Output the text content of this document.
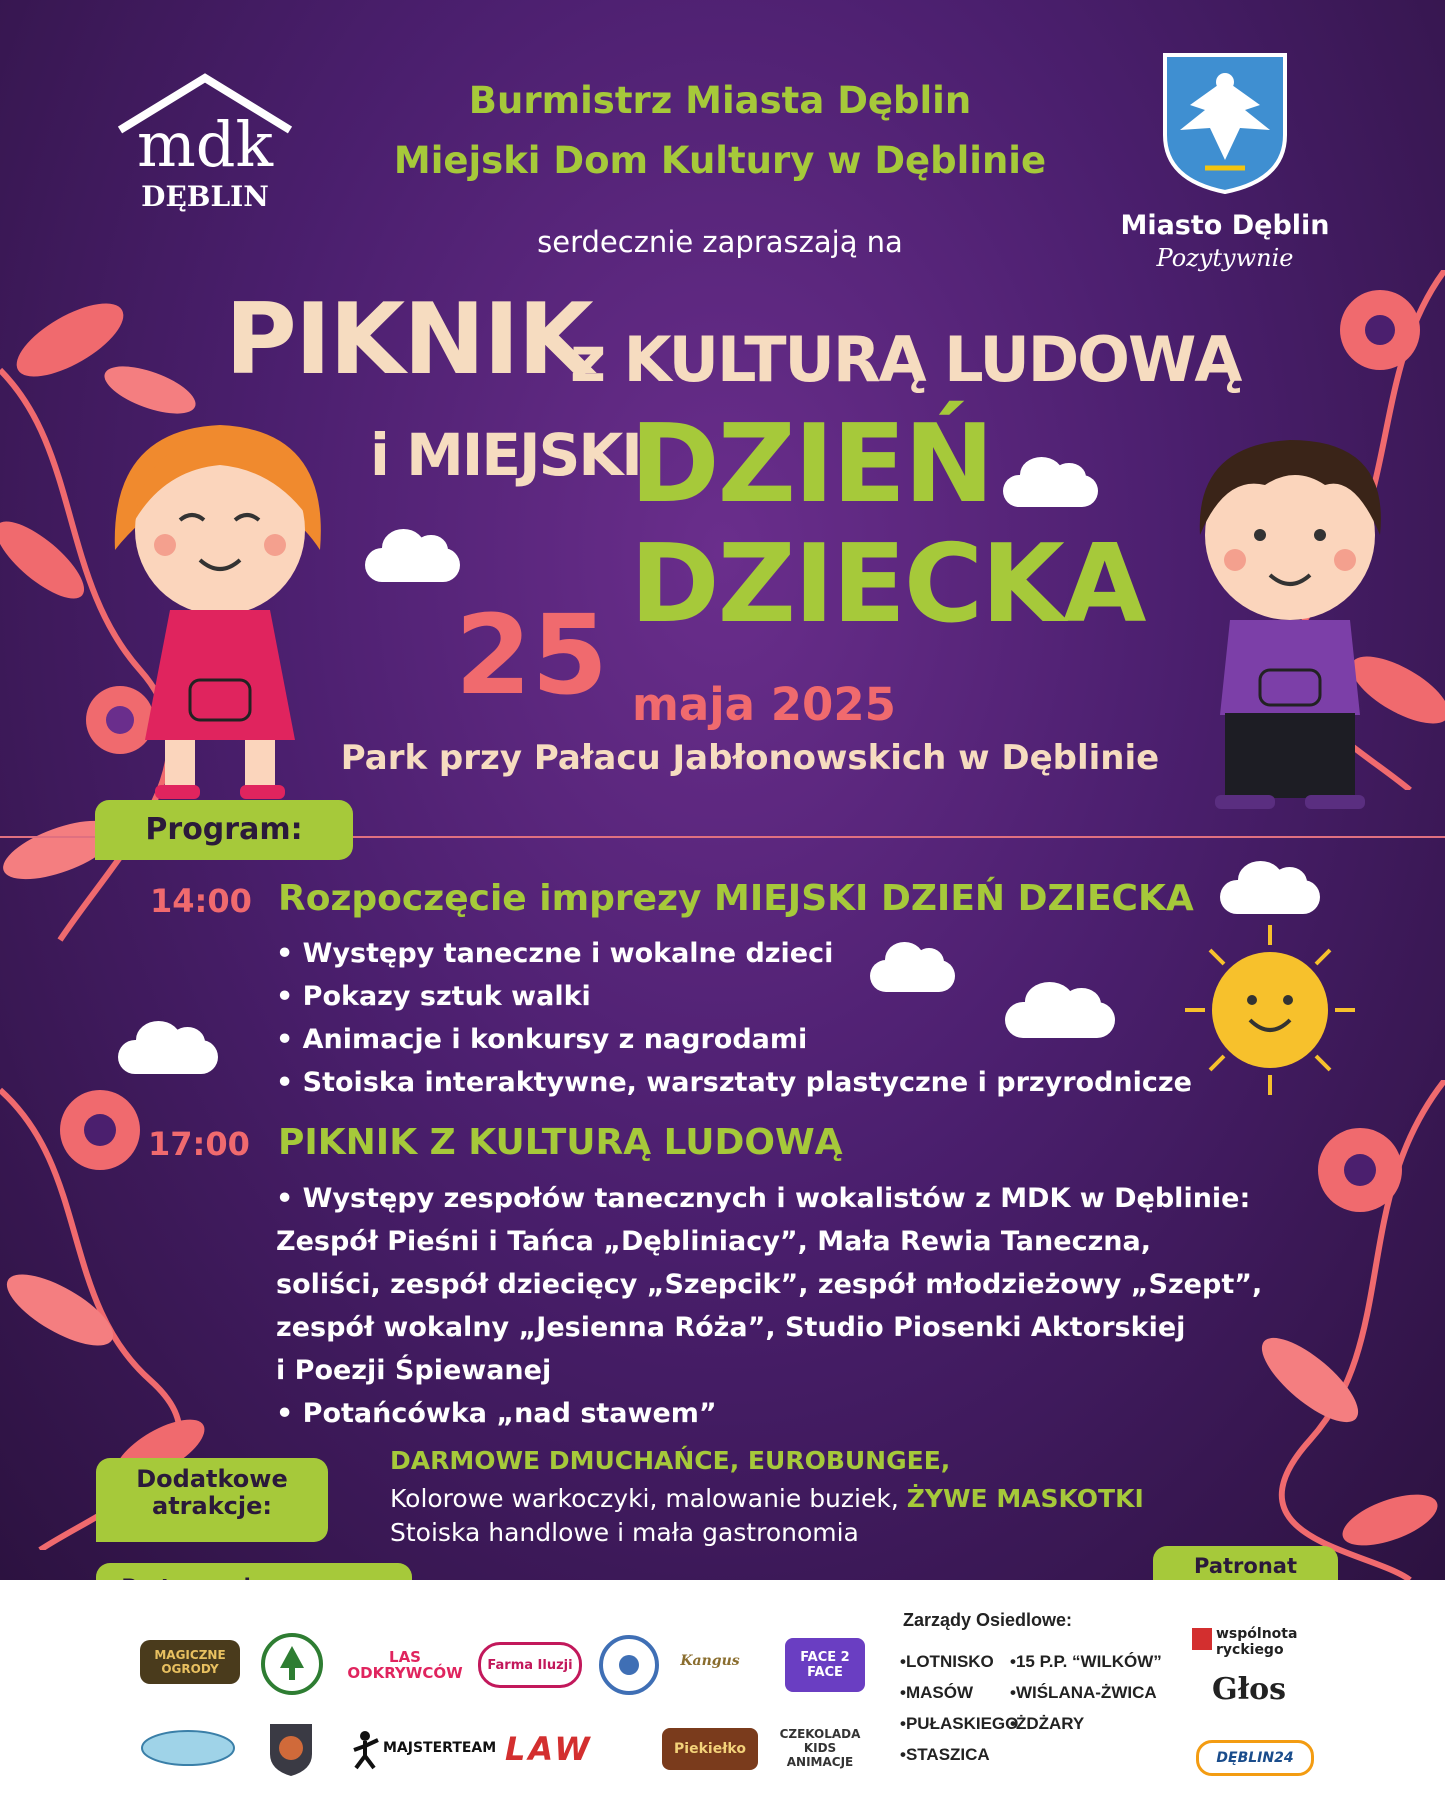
mdk
DĘBLIN
Burmistrz Miasta Dęblin
Miejski Dom Kultury w Dęblinie
serdecznie zapraszają na	Miasto Dęblin
Pozytywnie
PIKNIK
z KULTURĄ LUDOWĄ
i MIEJSKI
DZIEŃ
DZIECKA
25 maja 2025
Park przy Pałacu Jabłonowskich w Dęblinie
Program:
14:00 Rozpoczęcie imprezy MIEJSKI DZIEŃ DZIECKA
• Występy taneczne i wokalne dzieci
• Pokazy sztuk walki
• Animacje i konkursy z nagrodami
• Stoiska interaktywne, warsztaty plastyczne i przyrodnicze
17:00 PIKNIK Z KULTURĄ LUDOWĄ
• Występy zespołów tanecznych i wokalistów z MDK w Dęblinie:
Zespół Pieśni i Tańca „Dębliniacy”, Mała Rewia Taneczna,
soliści, zespół dziecięcy „Szepcik”, zespół młodzieżowy „Szept”,
zespół wokalny „Jesienna Róża”, Studio Piosenki Aktorskiej
i Poezji Śpiewanej
• Potańcówka „nad stawem”
Dodatkowe
atrakcje:
DARMOWE DMUCHAŃCE, EUROBUNGEE,
Kolorowe warkoczyki, malowanie buziek, ŻYWE MASKOTKI
Stoiska handlowe i mała gastronomia
Patronat
MAGICZNE OGRODY
LAS ODKRYWCÓW	Farma Iluzji	Kangus	FACE 2 FACE
MAJSTERTEAM LAW	Piekiełko
CZEKOLADA KIDS ANIMACJE
Zarządy Osiedlowe:
•LOTNISKO
•MASÓW
•PUŁASKIEGO
•STASZICA
•15 P.P. “WILKÓW”
•WIŚLANA-ŻWICA
•ŻDŻARY
wspólnota ryckiego
Głos
DĘBLIN24
